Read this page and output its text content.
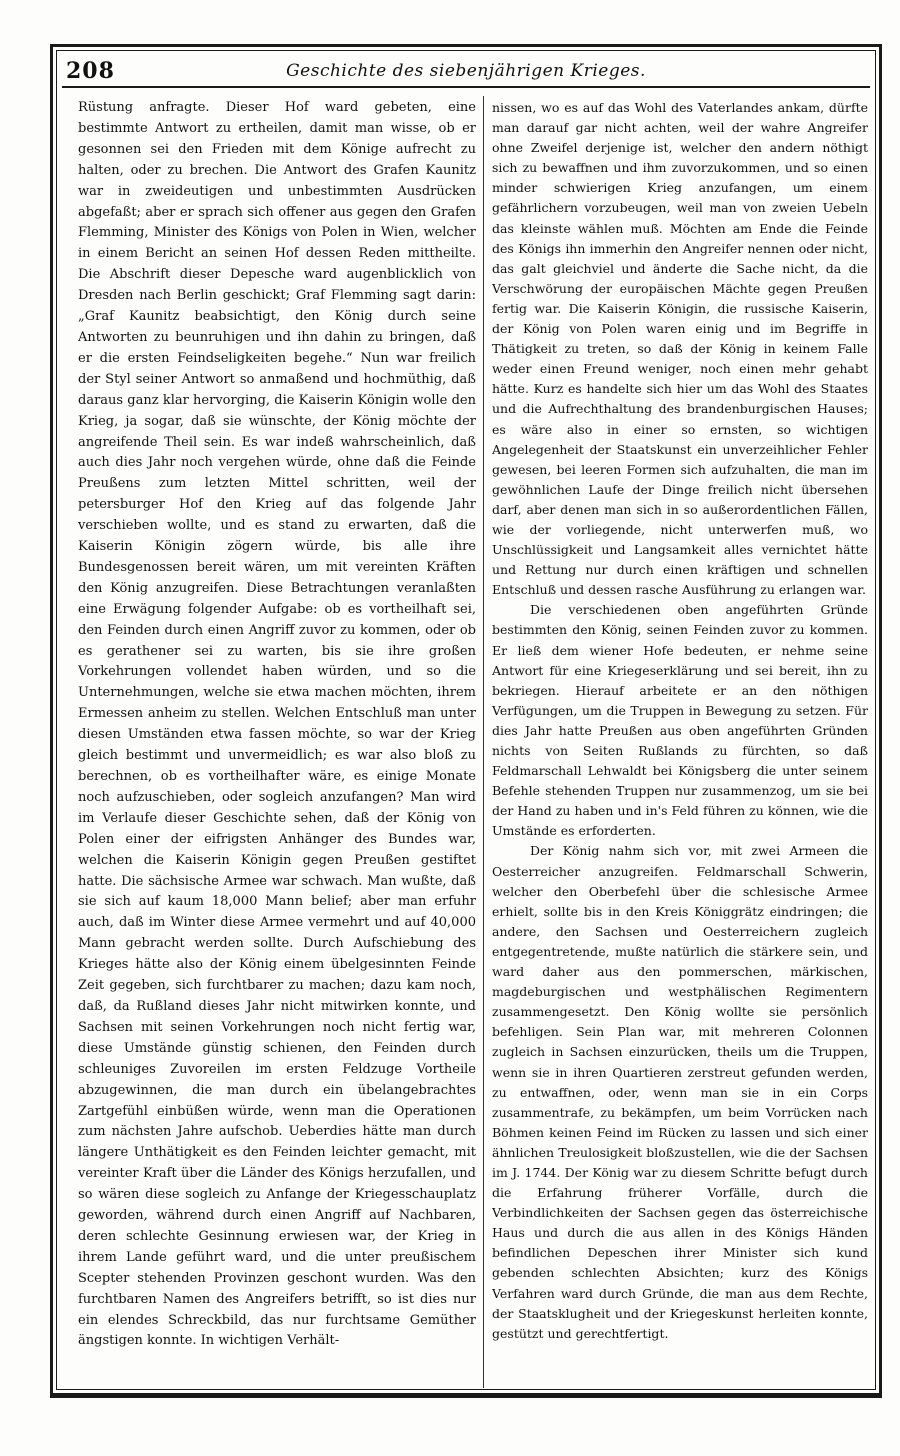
208	Geschichte des siebenjährigen Krieges.

Rüstung anfragte. Dieser Hof ward gebeten, eine bestimmte Antwort zu ertheilen, damit man wisse, ob er gesonnen sei den Frieden mit dem Könige aufrecht zu halten, oder zu brechen. Die Antwort des Grafen Kaunitz war in zweideutigen und unbestimmten Ausdrücken abgefaßt; aber er sprach sich offener aus gegen den Grafen Flemming, Minister des Königs von Polen in Wien, welcher in einem Bericht an seinen Hof dessen Reden mittheilte. Die Abschrift dieser Depesche ward augenblicklich von Dresden nach Berlin geschickt; Graf Flemming sagt darin: „Graf Kaunitz beabsichtigt, den König durch seine Antworten zu beunruhigen und ihn dahin zu bringen, daß er die ersten Feindseligkeiten begehe.“ Nun war freilich der Styl seiner Antwort so anmaßend und hochmüthig, daß daraus ganz klar hervorging, die Kaiserin Königin wolle den Krieg, ja sogar, daß sie wünschte, der König möchte der angreifende Theil sein. Es war indeß wahrscheinlich, daß auch dies Jahr noch vergehen würde, ohne daß die Feinde Preußens zum letzten Mittel schritten, weil der petersburger Hof den Krieg auf das folgende Jahr verschieben wollte, und es stand zu erwarten, daß die Kaiserin Königin zögern würde, bis alle ihre Bundesgenossen bereit wären, um mit vereinten Kräften den König anzugreifen. Diese Betrachtungen veranlaßten eine Erwägung folgender Aufgabe: ob es vortheilhaft sei, den Feinden durch einen Angriff zuvor zu kommen, oder ob es gerathener sei zu warten, bis sie ihre großen Vorkehrungen vollendet haben würden, und so die Unternehmungen, welche sie etwa machen möchten, ihrem Ermessen anheim zu stellen. Welchen Entschluß man unter diesen Umständen etwa fassen möchte, so war der Krieg gleich bestimmt und unvermeidlich; es war also bloß zu berechnen, ob es vortheilhafter wäre, es einige Monate noch aufzuschieben, oder sogleich anzufangen? Man wird im Verlaufe dieser Geschichte sehen, daß der König von Polen einer der eifrigsten Anhänger des Bundes war, welchen die Kaiserin Königin gegen Preußen gestiftet hatte. Die sächsische Armee war schwach. Man wußte, daß sie sich auf kaum 18,000 Mann belief; aber man erfuhr auch, daß im Winter diese Armee vermehrt und auf 40,000 Mann gebracht werden sollte. Durch Aufschiebung des Krieges hätte also der König einem übelgesinnten Feinde Zeit gegeben, sich furchtbarer zu machen; dazu kam noch, daß, da Rußland dieses Jahr nicht mitwirken konnte, und Sachsen mit seinen Vorkehrungen noch nicht fertig war, diese Umstände günstig schienen, den Feinden durch schleuniges Zuvoreilen im ersten Feldzuge Vortheile abzugewinnen, die man durch ein übelangebrachtes Zartgefühl einbüßen würde, wenn man die Operationen zum nächsten Jahre aufschob. Ueberdies hätte man durch längere Unthätigkeit es den Feinden leichter gemacht, mit vereinter Kraft über die Länder des Königs herzufallen, und so wären diese sogleich zu Anfange der Kriegesschauplatz geworden, während durch einen Angriff auf Nachbaren, deren schlechte Gesinnung erwiesen war, der Krieg in ihrem Lande geführt ward, und die unter preußischem Scepter stehenden Provinzen geschont wurden. Was den furchtbaren Namen des Angreifers betrifft, so ist dies nur ein elendes Schreckbild, das nur furchtsame Gemüther ängstigen konnte. In wichtigen Verhält-

nissen, wo es auf das Wohl des Vaterlandes ankam, dürfte man darauf gar nicht achten, weil der wahre Angreifer ohne Zweifel derjenige ist, welcher den andern nöthigt sich zu bewaffnen und ihm zuvorzukommen, und so einen minder schwierigen Krieg anzufangen, um einem gefährlichern vorzubeugen, weil man von zweien Uebeln das kleinste wählen muß. Möchten am Ende die Feinde des Königs ihn immerhin den Angreifer nennen oder nicht, das galt gleichviel und änderte die Sache nicht, da die Verschwörung der europäischen Mächte gegen Preußen fertig war. Die Kaiserin Königin, die russische Kaiserin, der König von Polen waren einig und im Begriffe in Thätigkeit zu treten, so daß der König in keinem Falle weder einen Freund weniger, noch einen mehr gehabt hätte. Kurz es handelte sich hier um das Wohl des Staates und die Aufrechthaltung des brandenburgischen Hauses; es wäre also in einer so ernsten, so wichtigen Angelegenheit der Staatskunst ein unverzeihlicher Fehler gewesen, bei leeren Formen sich aufzuhalten, die man im gewöhnlichen Laufe der Dinge freilich nicht übersehen darf, aber denen man sich in so außerordentlichen Fällen, wie der vorliegende, nicht unterwerfen muß, wo Unschlüssigkeit und Langsamkeit alles vernichtet hätte und Rettung nur durch einen kräftigen und schnellen Entschluß und dessen rasche Ausführung zu erlangen war.

Die verschiedenen oben angeführten Gründe bestimmten den König, seinen Feinden zuvor zu kommen. Er ließ dem wiener Hofe bedeuten, er nehme seine Antwort für eine Kriegeserklärung und sei bereit, ihn zu bekriegen. Hierauf arbeitete er an den nöthigen Verfügungen, um die Truppen in Bewegung zu setzen. Für dies Jahr hatte Preußen aus oben angeführten Gründen nichts von Seiten Rußlands zu fürchten, so daß Feldmarschall Lehwaldt bei Königsberg die unter seinem Befehle stehenden Truppen nur zusammenzog, um sie bei der Hand zu haben und in's Feld führen zu können, wie die Umstände es erforderten.

Der König nahm sich vor, mit zwei Armeen die Oesterreicher anzugreifen. Feldmarschall Schwerin, welcher den Oberbefehl über die schlesische Armee erhielt, sollte bis in den Kreis Königgrätz eindringen; die andere, den Sachsen und Oesterreichern zugleich entgegentretende, mußte natürlich die stärkere sein, und ward daher aus den pommerschen, märkischen, magdeburgischen und westphälischen Regimentern zusammengesetzt. Den König wollte sie persönlich befehligen. Sein Plan war, mit mehreren Colonnen zugleich in Sachsen einzurücken, theils um die Truppen, wenn sie in ihren Quartieren zerstreut gefunden werden, zu entwaffnen, oder, wenn man sie in ein Corps zusammentrafe, zu bekämpfen, um beim Vorrücken nach Böhmen keinen Feind im Rücken zu lassen und sich einer ähnlichen Treulosigkeit bloßzustellen, wie die der Sachsen im J. 1744. Der König war zu diesem Schritte befugt durch die Erfahrung früherer Vorfälle, durch die Verbindlichkeiten der Sachsen gegen das österreichische Haus und durch die aus allen in des Königs Händen befindlichen Depeschen ihrer Minister sich kund gebenden schlechten Absichten; kurz des Königs Verfahren ward durch Gründe, die man aus dem Rechte, der Staatsklugheit und der Kriegeskunst herleiten konnte, gestützt und gerechtfertigt.
